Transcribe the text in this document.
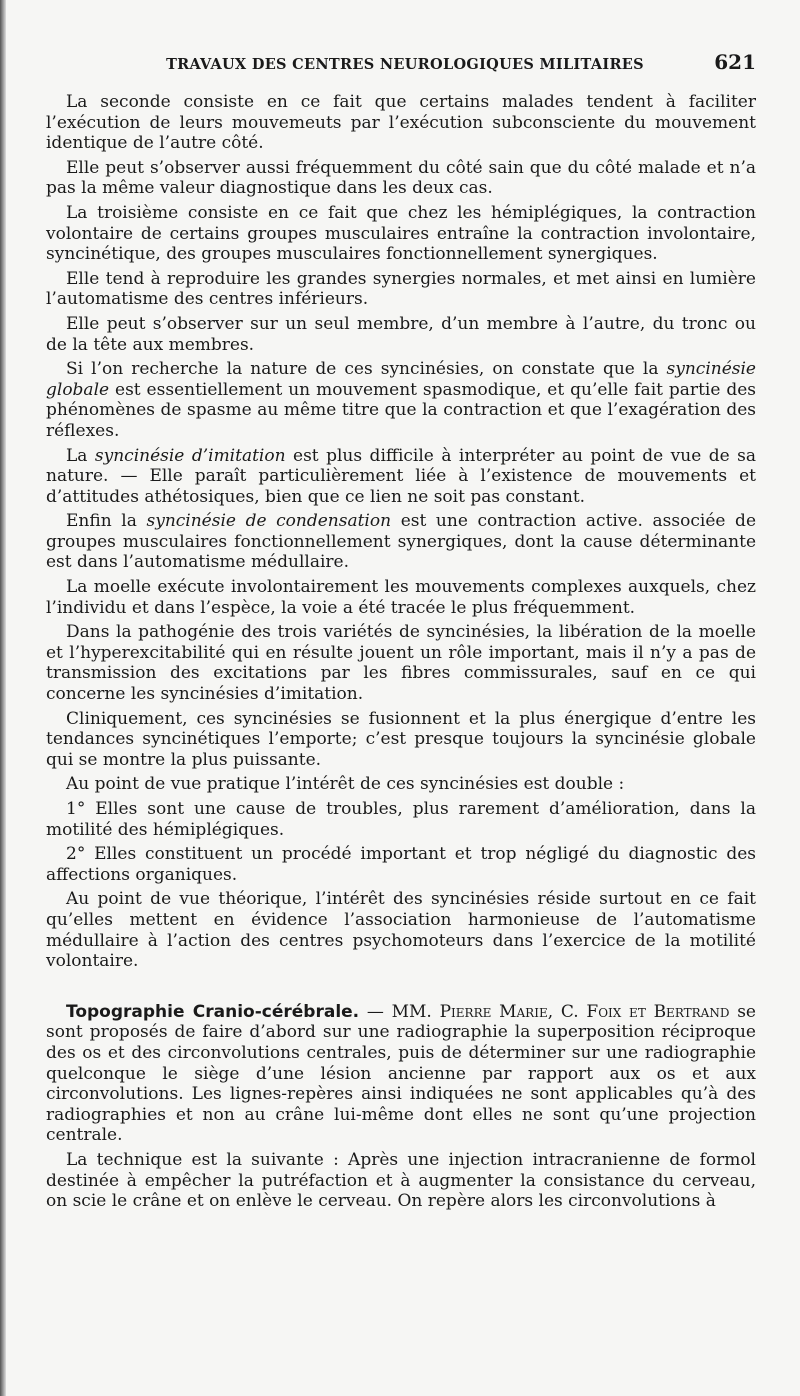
TRAVAUX DES CENTRES NEUROLOGIQUES MILITAIRES	621

La seconde consiste en ce fait que certains malades tendent à faciliter l’exécution de leurs mouvemeuts par l’exécution subconsciente du mouvement identique de l’autre côté.

Elle peut s’observer aussi fréquemment du côté sain que du côté malade et n’a pas la même valeur diagnostique dans les deux cas.

La troisième consiste en ce fait que chez les hémiplégiques, la contraction volontaire de certains groupes musculaires entraîne la contraction involontaire, syncinétique, des groupes musculaires fonctionnellement synergiques.

Elle tend à reproduire les grandes synergies normales, et met ainsi en lumière l’automatisme des centres inférieurs.

Elle peut s’observer sur un seul membre, d’un membre à l’autre, du tronc ou de la tête aux membres.

Si l’on recherche la nature de ces syncinésies, on constate que la syncinésie globale est essentiellement un mouvement spasmodique, et qu’elle fait partie des phénomènes de spasme au même titre que la contraction et que l’exagération des réflexes.

La syncinésie d’imitation est plus difficile à interpréter au point de vue de sa nature. — Elle paraît particulièrement liée à l’existence de mouvements et d’attitudes athétosiques, bien que ce lien ne soit pas constant.

Enfin la syncinésie de condensation est une contraction active. associée de groupes musculaires fonctionnellement synergiques, dont la cause déterminante est dans l’automatisme médullaire.

La moelle exécute involontairement les mouvements complexes auxquels, chez l’individu et dans l’espèce, la voie a été tracée le plus fréquemment.

Dans la pathogénie des trois variétés de syncinésies, la libération de la moelle et l’hyperexcitabilité qui en résulte jouent un rôle important, mais il n’y a pas de transmission des excitations par les fibres commissurales, sauf en ce qui concerne les syncinésies d’imitation.

Cliniquement, ces syncinésies se fusionnent et la plus énergique d’entre les tendances syncinétiques l’emporte; c’est presque toujours la syncinésie globale qui se montre la plus puissante.

Au point de vue pratique l’intérêt de ces syncinésies est double :

1° Elles sont une cause de troubles, plus rarement d’amélioration, dans la motilité des hémiplégiques.

2° Elles constituent un procédé important et trop négligé du diagnostic des affections organiques.

Au point de vue théorique, l’intérêt des syncinésies réside surtout en ce fait qu’elles mettent en évidence l’association harmonieuse de l’automatisme médullaire à l’action des centres psychomoteurs dans l’exercice de la motilité volontaire.

Topographie Cranio-cérébrale. — MM. Pierre Marie, C. Foix et Bertrand se sont proposés de faire d’abord sur une radiographie la superposition réciproque des os et des circonvolutions centrales, puis de déterminer sur une radiographie quelconque le siège d’une lésion ancienne par rapport aux os et aux circonvolutions. Les lignes-repères ainsi indiquées ne sont applicables qu’à des radiographies et non au crâne lui-même dont elles ne sont qu’une projection centrale.

La technique est la suivante : Après une injection intracranienne de formol destinée à empêcher la putréfaction et à augmenter la consistance du cerveau, on scie le crâne et on enlève le cerveau. On repère alors les circonvolutions à
